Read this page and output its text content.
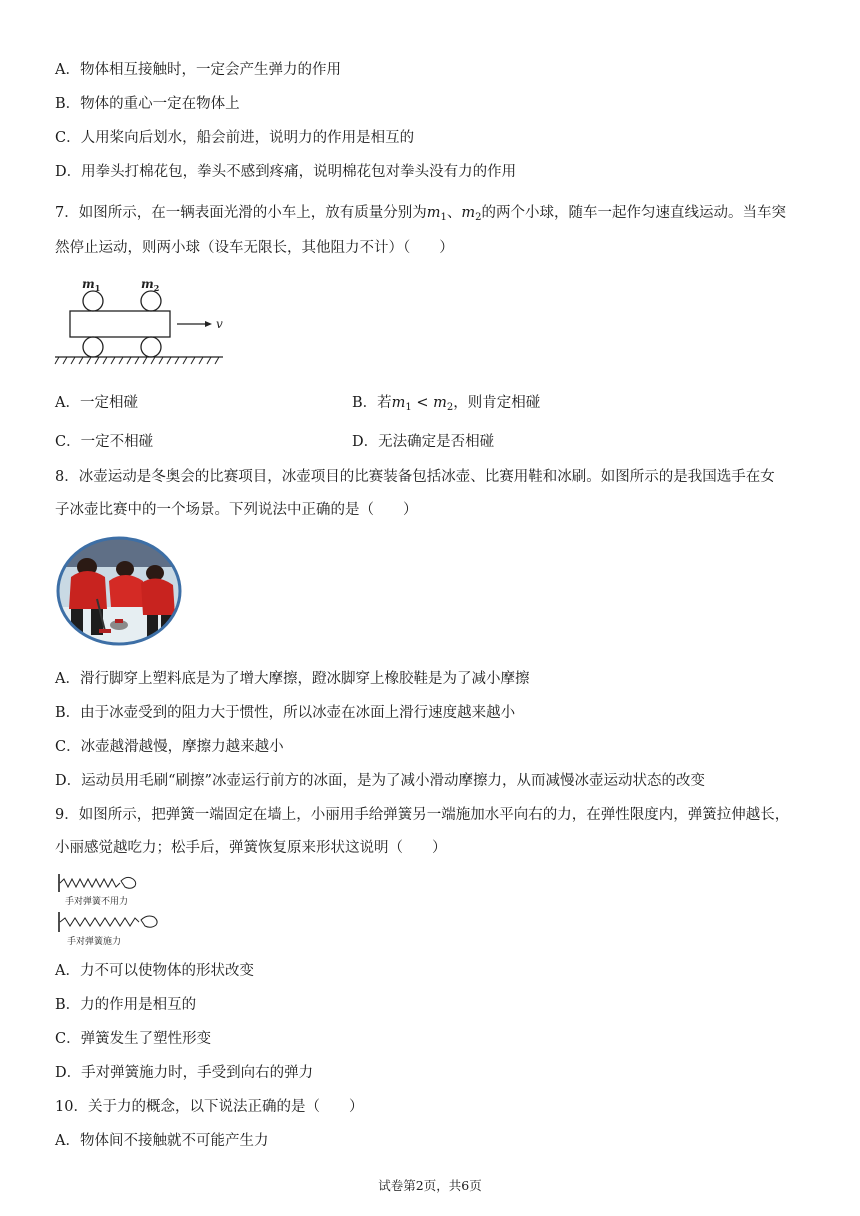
A．物体相互接触时，一定会产生弹力的作用
B．物体的重心一定在物体上
C．人用桨向后划水，船会前进，说明力的作用是相互的
D．用拳头打棉花包，拳头不感到疼痛，说明棉花包对拳头没有力的作用
7．如图所示，在一辆表面光滑的小车上，放有质量分别为$m_1$、$m_2$的两个小球，随车一起作匀速直线运动。当车突
然停止运动，则两小球（设车无限长，其他阻力不计）（　　）
$m_1$	$m_2$
v
A．一定相碰	B．若$m_1 < m_2$，则肯定相碰
C．一定不相碰	D．无法确定是否相碰
8．冰壶运动是冬奥会的比赛项目，冰壶项目的比赛装备包括冰壶、比赛用鞋和冰刷。如图所示的是我国选手在女
子冰壶比赛中的一个场景。下列说法中正确的是（　　）
A．滑行脚穿上塑料底是为了增大摩擦，蹬冰脚穿上橡胶鞋是为了减小摩擦
B．由于冰壶受到的阻力大于惯性，所以冰壶在冰面上滑行速度越来越小
C．冰壶越滑越慢，摩擦力越来越小
D．运动员用毛刷“刷擦”冰壶运行前方的冰面，是为了减小滑动摩擦力，从而减慢冰壶运动状态的改变
9．如图所示，把弹簧一端固定在墙上，小丽用手给弹簧另一端施加水平向右的力，在弹性限度内，弹簧拉伸越长，
小丽感觉越吃力；松手后，弹簧恢复原来形状这说明（　　）
手对弹簧不用力
手对弹簧施力
A．力不可以使物体的形状改变
B．力的作用是相互的
C．弹簧发生了塑性形变
D．手对弹簧施力时，手受到向右的弹力
10．关于力的概念，以下说法正确的是（　　）
A．物体间不接触就不可能产生力
试卷第2页，共6页
